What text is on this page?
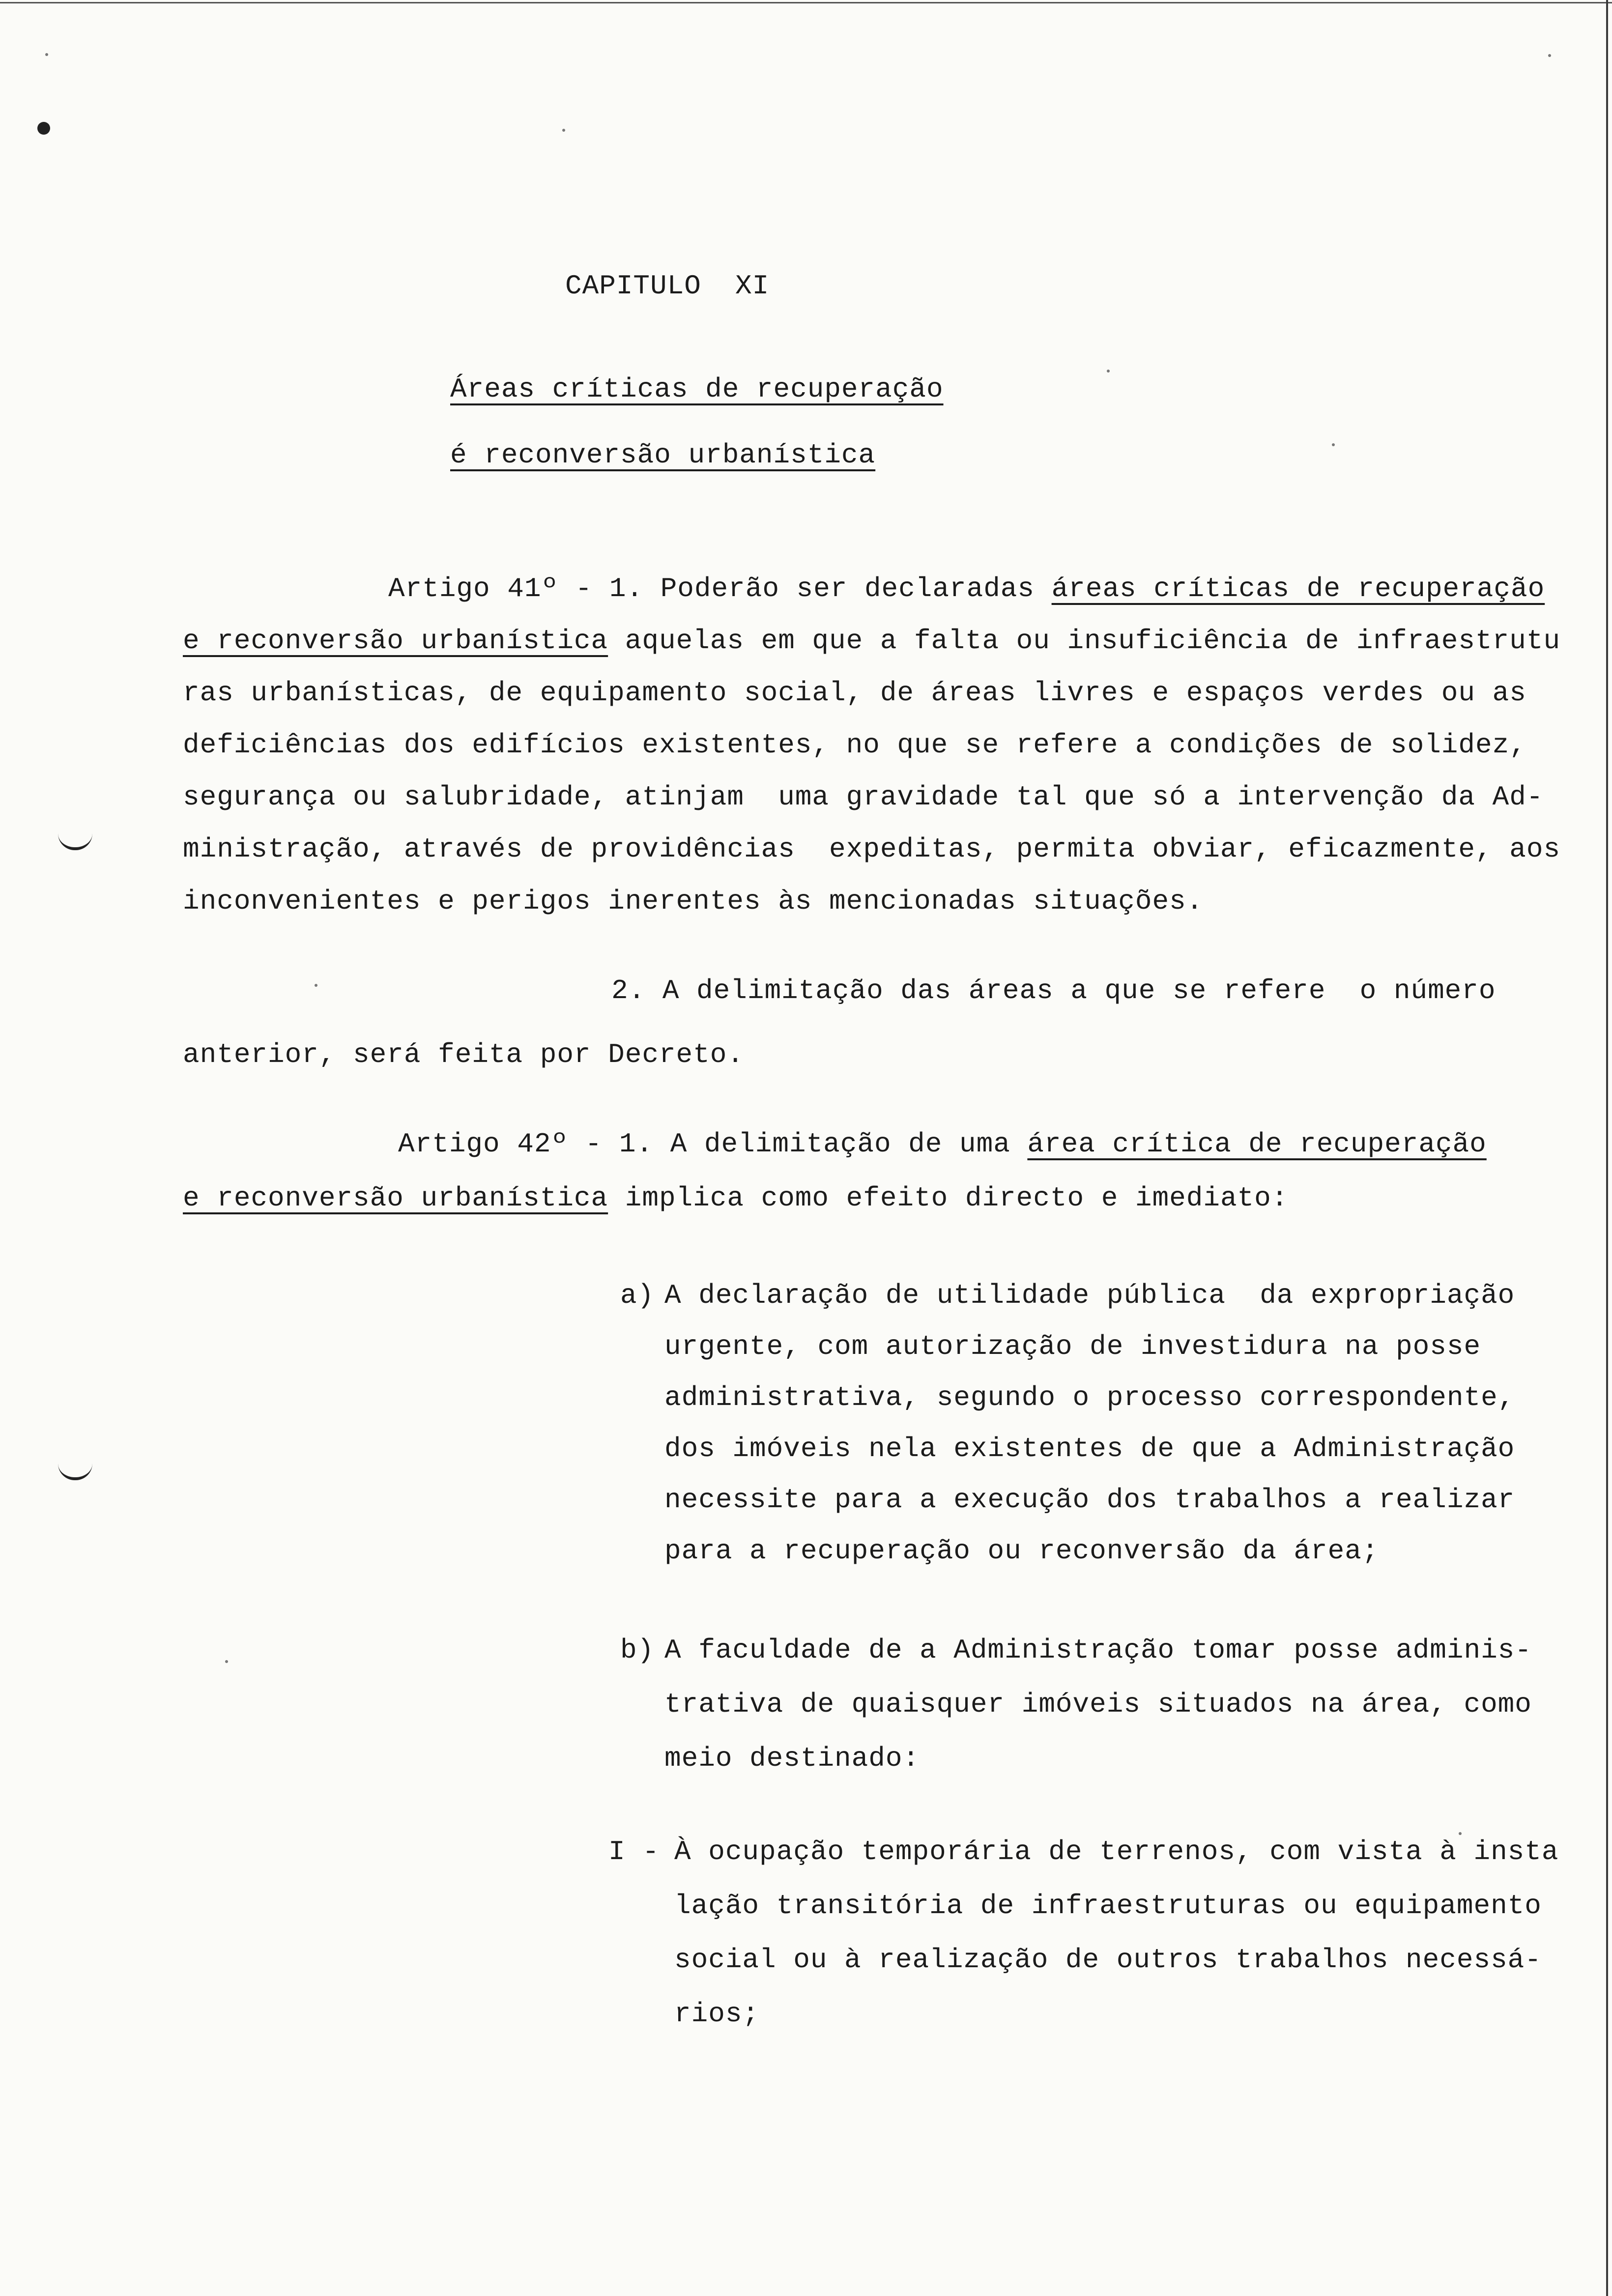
CAPITULO  XI
Áreas críticas de recuperação
é reconversão urbanística
Artigo 41º - 1. Poderão ser declaradas áreas críticas de recuperação
e reconversão urbanística aquelas em que a falta ou insuficiência de infraestrutu
ras urbanísticas, de equipamento social, de áreas livres e espaços verdes ou as
deficiências dos edifícios existentes, no que se refere a condições de solidez,
segurança ou salubridade, atinjam  uma gravidade tal que só a intervenção da Ad-
ministração, através de providências  expeditas, permita obviar, eficazmente, aos
inconvenientes e perigos inerentes às mencionadas situações.
2. A delimitação das áreas a que se refere  o número
anterior, será feita por Decreto.
Artigo 42º - 1. A delimitação de uma área crítica de recuperação
e reconversão urbanística implica como efeito directo e imediato:
a) A declaração de utilidade pública  da expropriação
urgente, com autorização de investidura na posse
administrativa, segundo o processo correspondente,
dos imóveis nela existentes de que a Administração
necessite para a execução dos trabalhos a realizar
para a recuperação ou reconversão da área;
b) A faculdade de a Administração tomar posse adminis-
trativa de quaisquer imóveis situados na área, como
meio destinado:
I - À ocupação temporária de terrenos, com vista à insta
lação transitória de infraestruturas ou equipamento
social ou à realização de outros trabalhos necessá-
rios;
